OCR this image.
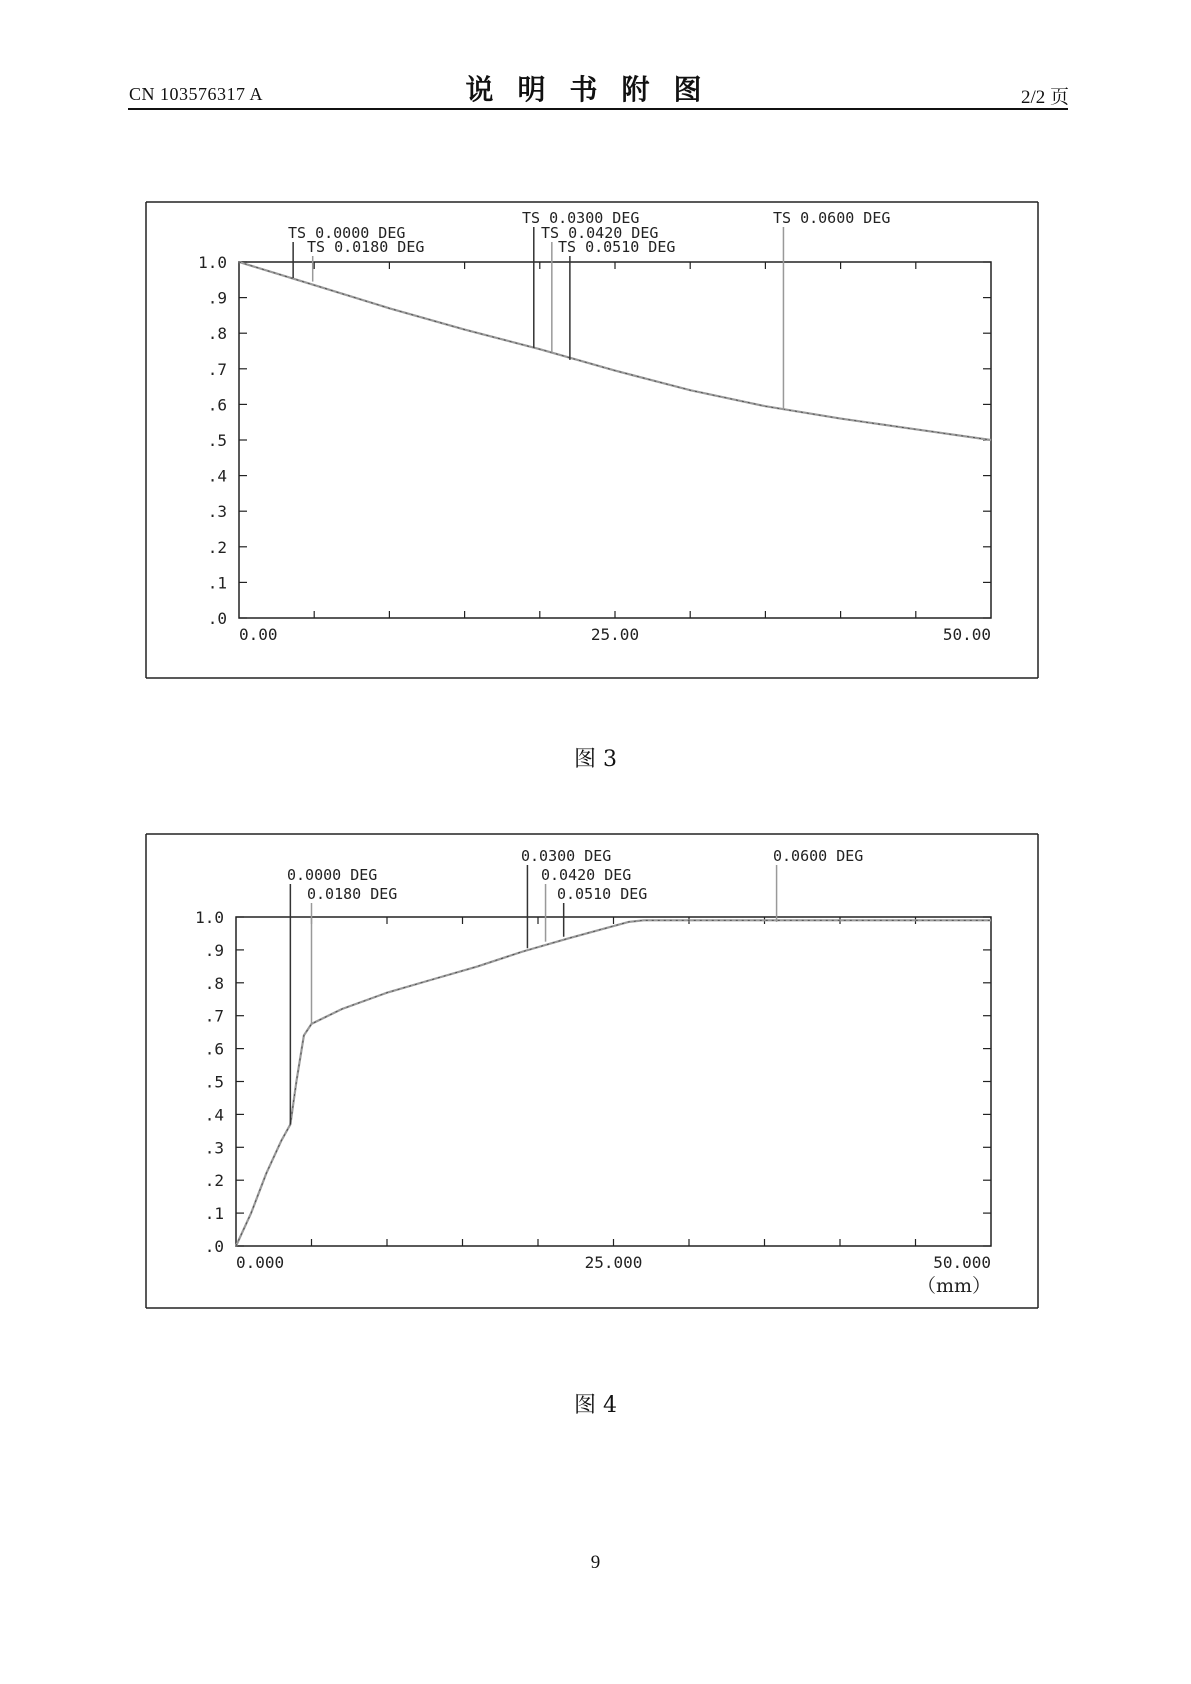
CN 103576317 A	说明书附图	2/2 页
1.0
.9
.8
.7
.6
.5
.4
.3
.2
.1
.0
0.00	25.00	50.00
TS 0.0000 DEG
TS 0.0180 DEG
TS 0.0300 DEG
TS 0.0420 DEG
TS 0.0510 DEG
TS 0.0600 DEG
图 3
1.0
.9
.8
.7
.6
.5
.4
.3
.2
.1
.0
0.000	25.000	50.000
（mm）
0.0000 DEG
0.0180 DEG
0.0300 DEG
0.0420 DEG
0.0510 DEG
0.0600 DEG
图 4
9
